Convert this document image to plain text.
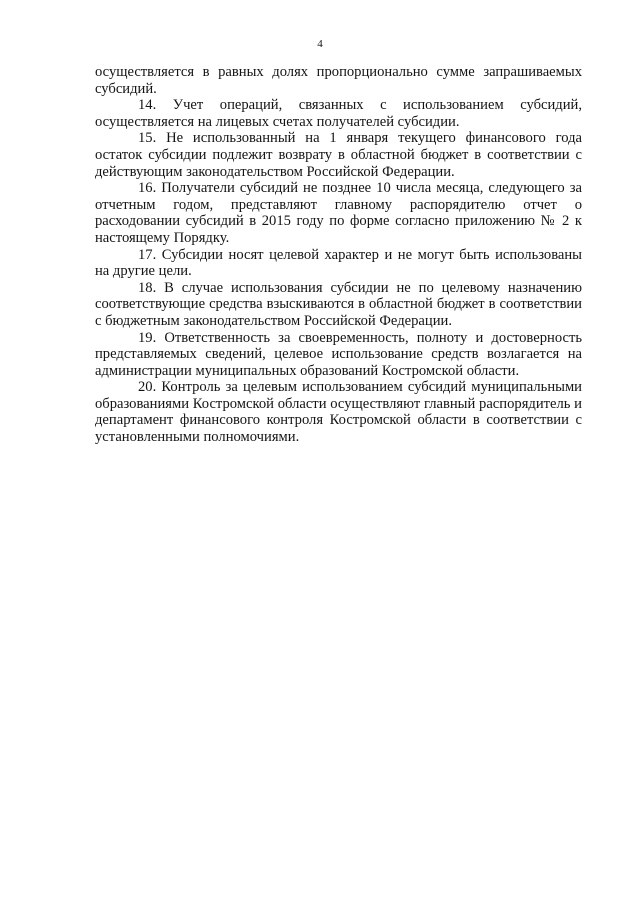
4

осуществляется в равных долях пропорционально сумме запрашиваемых субсидий.

14. Учет операций, связанных с использованием субсидий, осуществляется на лицевых счетах получателей субсидии.

15. Не использованный на 1 января текущего финансового года остаток субсидии подлежит возврату в областной бюджет в соответствии с действующим законодательством Российской Федерации.

16. Получатели субсидий не позднее 10 числа месяца, следующего за отчетным годом, представляют главному распорядителю отчет о расходовании субсидий в 2015 году по форме согласно приложению № 2 к настоящему Порядку.

17. Субсидии носят целевой характер и не могут быть использованы на другие цели.

18. В случае использования субсидии не по целевому назначению соответствующие средства взыскиваются в областной бюджет в соответствии с бюджетным законодательством Российской Федерации.

19. Ответственность за своевременность, полноту и достоверность представляемых сведений, целевое использование средств возлагается на администрации муниципальных образований Костромской области.

20. Контроль за целевым использованием субсидий муниципальными образованиями Костромской области осуществляют главный распорядитель и департамент финансового контроля Костромской области в соответствии с установленными полномочиями.
